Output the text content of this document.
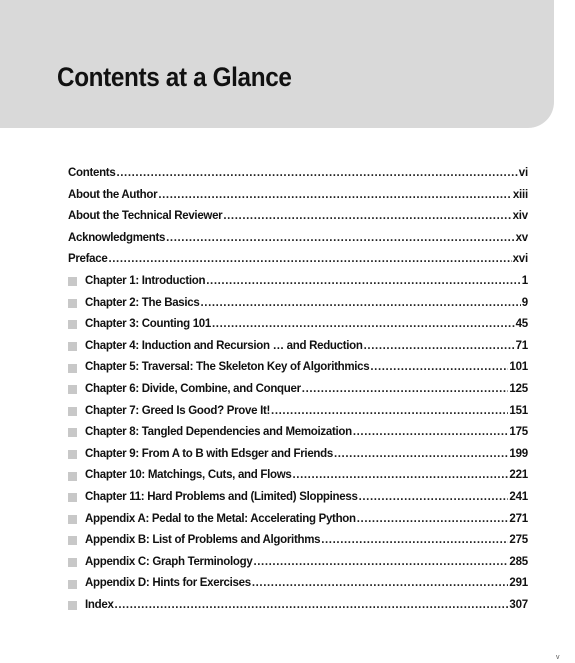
Contents at a Glance
Contents .....	vi
About the Author .....	xiii
About the Technical Reviewer .....	xiv
Acknowledgments .....	xv
Preface .....	xvi
Chapter 1: Introduction .....	1
Chapter 2: The Basics .....	9
Chapter 3: Counting 101 .....	45
Chapter 4: Induction and Recursion … and Reduction .....	71
Chapter 5: Traversal: The Skeleton Key of Algorithmics .....	101
Chapter 6: Divide, Combine, and Conquer .....	125
Chapter 7: Greed Is Good? Prove It! .....	151
Chapter 8: Tangled Dependencies and Memoization .....	175
Chapter 9: From A to B with Edsger and Friends .....	199
Chapter 10: Matchings, Cuts, and Flows .....	221
Chapter 11: Hard Problems and (Limited) Sloppiness .....	241
Appendix A: Pedal to the Metal: Accelerating Python .....	271
Appendix B: List of Problems and Algorithms .....	275
Appendix C: Graph Terminology .....	285
Appendix D: Hints for Exercises .....	291
Index .....	307
v
